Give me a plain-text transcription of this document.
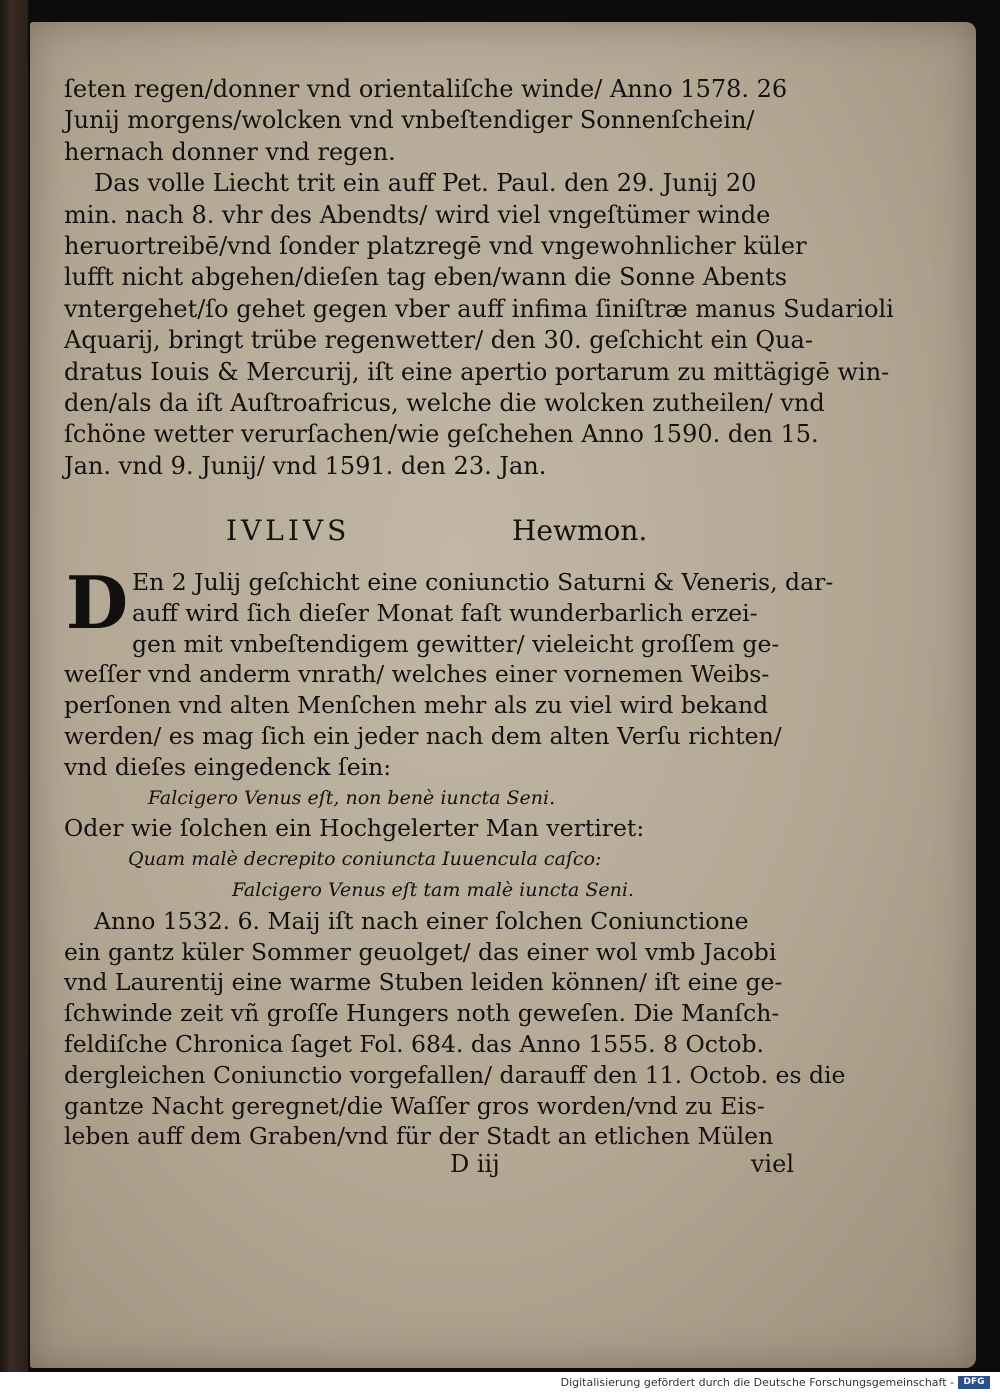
ſeten regen/donner vnd orientaliſche winde/ Anno 1578. 26
Junij morgens/wolcken vnd vnbeſtendiger Sonnenſchein/
hernach donner vnd regen.
Das volle Liecht trit ein auff Pet. Paul. den 29. Junij 20
min. nach 8. vhr des Abendts/ wird viel vngeſtümer winde
heruortreibē/vnd ſonder platzregē vnd vngewohnlicher küler
lufft nicht abgehen/dieſen tag eben/wann die Sonne Abents
vntergehet/ſo gehet gegen vber auff infima ſiniſtræ manus Sudarioli
Aquarij, bringt trübe regenwetter/ den 30. geſchicht ein Qua-
dratus Iouis & Mercurij, iſt eine apertio portarum zu mittägigē win-
den/als da iſt Auſtroafricus, welche die wolcken zutheilen/ vnd
ſchöne wetter verurſachen/wie geſchehen Anno 1590. den 15.
Jan. vnd 9. Junij/ vnd 1591. den 23. Jan.
IVLIVS	Hewmon.
D En 2 Julij geſchicht eine coniunctio Saturni & Veneris, dar-
auff wird ſich dieſer Monat faſt wunderbarlich erzei-
gen mit vnbeſtendigem gewitter/ vieleicht groſſem ge-
weſſer vnd anderm vnrath/ welches einer vornemen Weibs-
perſonen vnd alten Menſchen mehr als zu viel wird bekand
werden/ es mag ſich ein jeder nach dem alten Verſu richten/
vnd dieſes eingedenck ſein:
Falcigero Venus eſt, non benè iuncta Seni.
Oder wie ſolchen ein Hochgelerter Man vertiret:
Quam malè decrepito coniuncta Iuuencula caſco:
Falcigero Venus eſt tam malè iuncta Seni.
Anno 1532. 6. Maij iſt nach einer ſolchen Coniunctione
ein gantz küler Sommer geuolget/ das einer wol vmb Jacobi
vnd Laurentij eine warme Stuben leiden können/ iſt eine ge-
ſchwinde zeit vñ groſſe Hungers noth geweſen. Die Manſch-
feldiſche Chronica ſaget Fol. 684. das Anno 1555. 8 Octob.
dergleichen Coniunctio vorgefallen/ darauff den 11. Octob. es die
gantze Nacht geregnet/die Waſſer gros worden/vnd zu Eis-
leben auff dem Graben/vnd für der Stadt an etlichen Mülen
D iij	viel
Digitalisierung gefördert durch die Deutsche Forschungsgemeinschaft -	DFG
